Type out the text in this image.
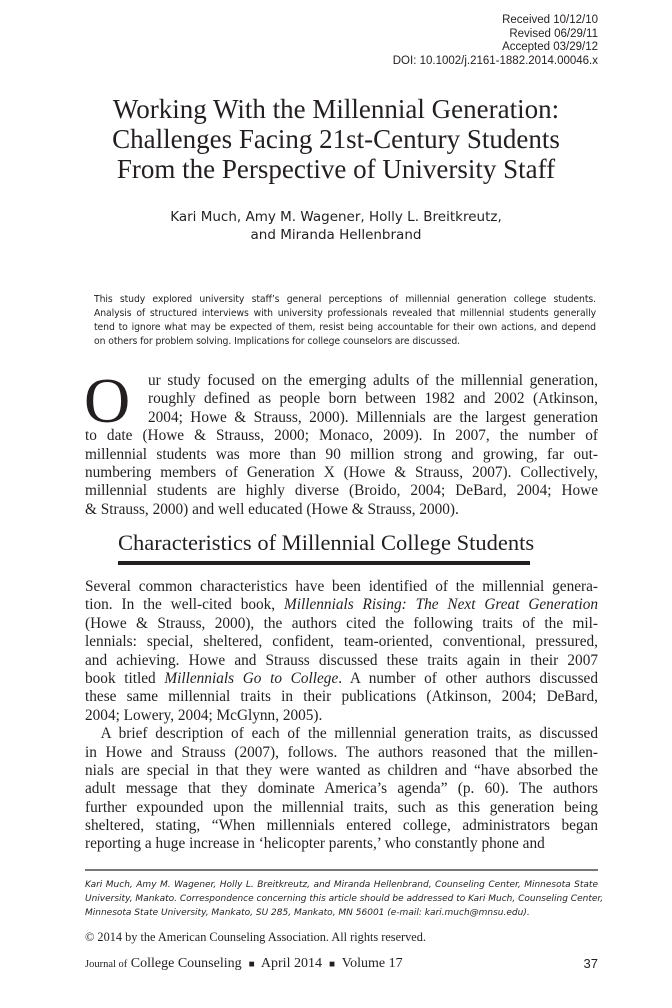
Received 10/12/10
Revised 06/29/11
Accepted 03/29/12
DOI: 10.1002/j.2161-1882.2014.00046.x
Working With the Millennial Generation:
Challenges Facing 21st-Century Students
From the Perspective of University Staff
Kari Much, Amy M. Wagener, Holly L. Breitkreutz,
and Miranda Hellenbrand
This study explored university staff’s general perceptions of millennial generation college students.
Analysis of structured interviews with university professionals revealed that millennial students generally
tend to ignore what may be expected of them, resist being accountable for their own actions, and depend
on others for problem solving. Implications for college counselors are discussed.
O	ur study focused on the emerging adults of the millennial generation,
roughly defined as people born between 1982 and 2002 (Atkinson,
2004; Howe & Strauss, 2000). Millennials are the largest generation
to date (Howe & Strauss, 2000; Monaco, 2009). In 2007, the number of
millennial students was more than 90 million strong and growing, far out-
numbering members of Generation X (Howe & Strauss, 2007). Collectively,
millennial students are highly diverse (Broido, 2004; DeBard, 2004; Howe
& Strauss, 2000) and well educated (Howe & Strauss, 2000).
Characteristics of Millennial College Students
Several common characteristics have been identified of the millennial genera-
tion. In the well-cited book, Millennials Rising: The Next Great Generation
(Howe & Strauss, 2000), the authors cited the following traits of the mil-
lennials: special, sheltered, confident, team-oriented, conventional, pressured,
and achieving. Howe and Strauss discussed these traits again in their 2007
book titled Millennials Go to College. A number of other authors discussed
these same millennial traits in their publications (Atkinson, 2004; DeBard,
2004; Lowery, 2004; McGlynn, 2005).
A brief description of each of the millennial generation traits, as discussed
in Howe and Strauss (2007), follows. The authors reasoned that the millen-
nials are special in that they were wanted as children and “have absorbed the
adult message that they dominate America’s agenda” (p. 60). The authors
further expounded upon the millennial traits, such as this generation being
sheltered, stating, “When millennials entered college, administrators began
reporting a huge increase in ‘helicopter parents,’ who constantly phone and
Kari Much, Amy M. Wagener, Holly L. Breitkreutz, and Miranda Hellenbrand, Counseling Center, Minnesota State
University, Mankato. Correspondence concerning this article should be addressed to Kari Much, Counseling Center,
Minnesota State University, Mankato, SU 285, Mankato, MN 56001 (e-mail: kari.much@mnsu.edu).
© 2014 by the American Counseling Association. All rights reserved.
Journal of College Counseling ■ April 2014 ■ Volume 17	37
